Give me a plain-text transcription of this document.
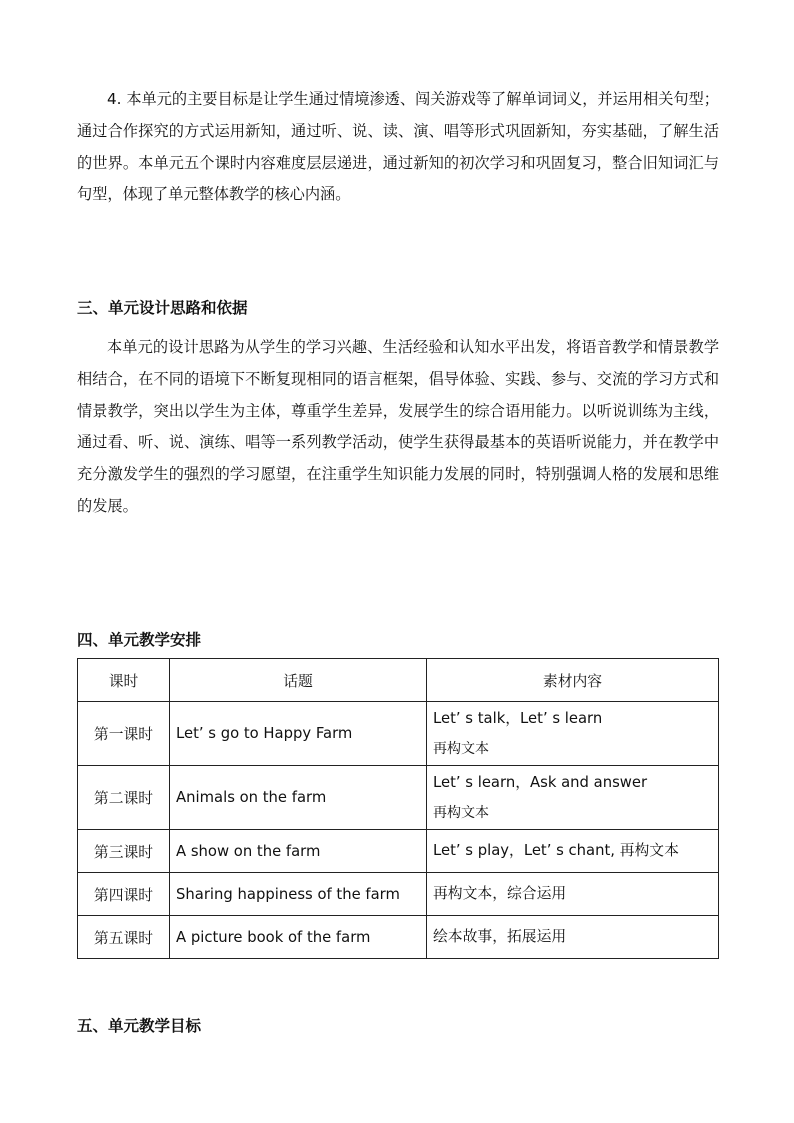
4. 本单元的主要目标是让学生通过情境渗透、闯关游戏等了解单词词义，并运用相关句型；通过合作探究的方式运用新知，通过听、说、读、演、唱等形式巩固新知，夯实基础，了解生活的世界。本单元五个课时内容难度层层递进，通过新知的初次学习和巩固复习，整合旧知词汇与句型，体现了单元整体教学的核心内涵。
三、单元设计思路和依据
本单元的设计思路为从学生的学习兴趣、生活经验和认知水平出发，将语音教学和情景教学相结合，在不同的语境下不断复现相同的语言框架，倡导体验、实践、参与、交流的学习方式和情景教学，突出以学生为主体，尊重学生差异，发展学生的综合语用能力。以听说训练为主线，通过看、听、说、演练、唱等一系列教学活动，使学生获得最基本的英语听说能力，并在教学中充分激发学生的强烈的学习愿望，在注重学生知识能力发展的同时，特别强调人格的发展和思维的发展。
四、单元教学安排
课时	话题	素材内容
第一课时	Let’ s go to Happy Farm	Let’ s talk，Let’ s learn
再构文本

第二课时	Animals on the farm	Let’ s learn，Ask and answer
再构文本

第三课时	A show on the farm	Let’ s play，Let’ s chant, 再构文本
第四课时	Sharing happiness of the farm	再构文本，综合运用
第五课时	A picture book of the farm	绘本故事，拓展运用
五、单元教学目标
